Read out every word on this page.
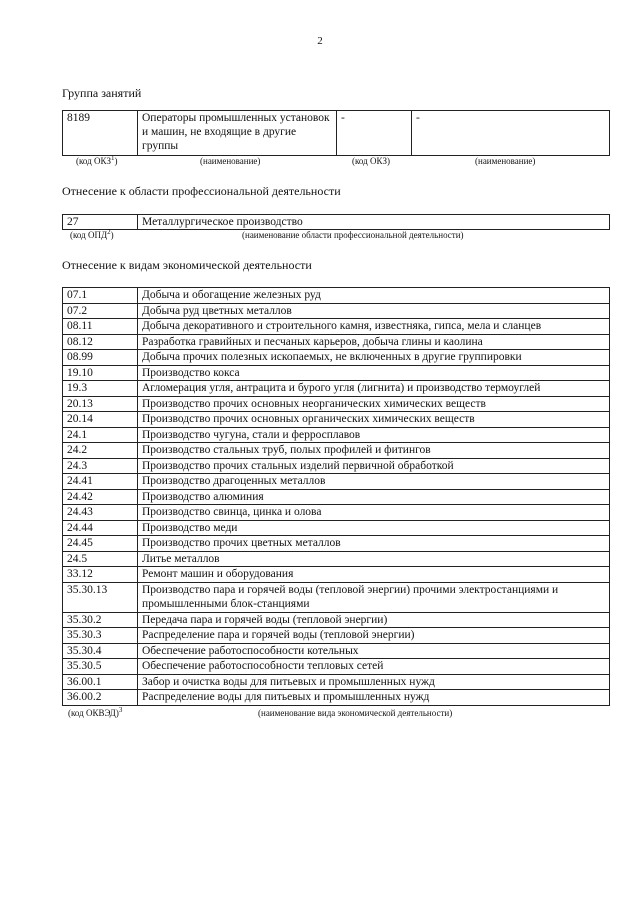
2
Группа занятий
8189	Операторы промышленных установок и машин, не входящие в другие группы	-	-
(код ОКЗ$^1$)	(наименование)	(код ОКЗ)	(наименование)
Отнесение к области профессиональной деятельности
27	Металлургическое производство
(код ОПД$^2$)	(наименование области профессиональной деятельности)
Отнесение к видам экономической деятельности
07.1	Добыча и обогащение железных руд
07.2	Добыча руд цветных металлов
08.11	Добыча декоративного и строительного камня, известняка, гипса, мела и сланцев
08.12	Разработка гравийных и песчаных карьеров, добыча глины и каолина
08.99	Добыча прочих полезных ископаемых, не включенных в другие группировки
19.10	Производство кокса
19.3	Агломерация угля, антрацита и бурого угля (лигнита) и производство термоуглей
20.13	Производство прочих основных неорганических химических веществ
20.14	Производство прочих основных органических химических веществ
24.1	Производство чугуна, стали и ферросплавов
24.2	Производство стальных труб, полых профилей и фитингов
24.3	Производство прочих стальных изделий первичной обработкой
24.41	Производство драгоценных металлов
24.42	Производство алюминия
24.43	Производство свинца, цинка и олова
24.44	Производство меди
24.45	Производство прочих цветных металлов
24.5	Литье металлов
33.12	Ремонт машин и оборудования
35.30.13	Производство пара и горячей воды (тепловой энергии) прочими электростанциями и промышленными блок-станциями
35.30.2	Передача пара и горячей воды (тепловой энергии)
35.30.3	Распределение пара и горячей воды (тепловой энергии)
35.30.4	Обеспечение работоспособности котельных
35.30.5	Обеспечение работоспособности тепловых сетей
36.00.1	Забор и очистка воды для питьевых и промышленных нужд
36.00.2	Распределение воды для питьевых и промышленных нужд
(код ОКВЭД)$^3$	(наименование вида экономической деятельности)
